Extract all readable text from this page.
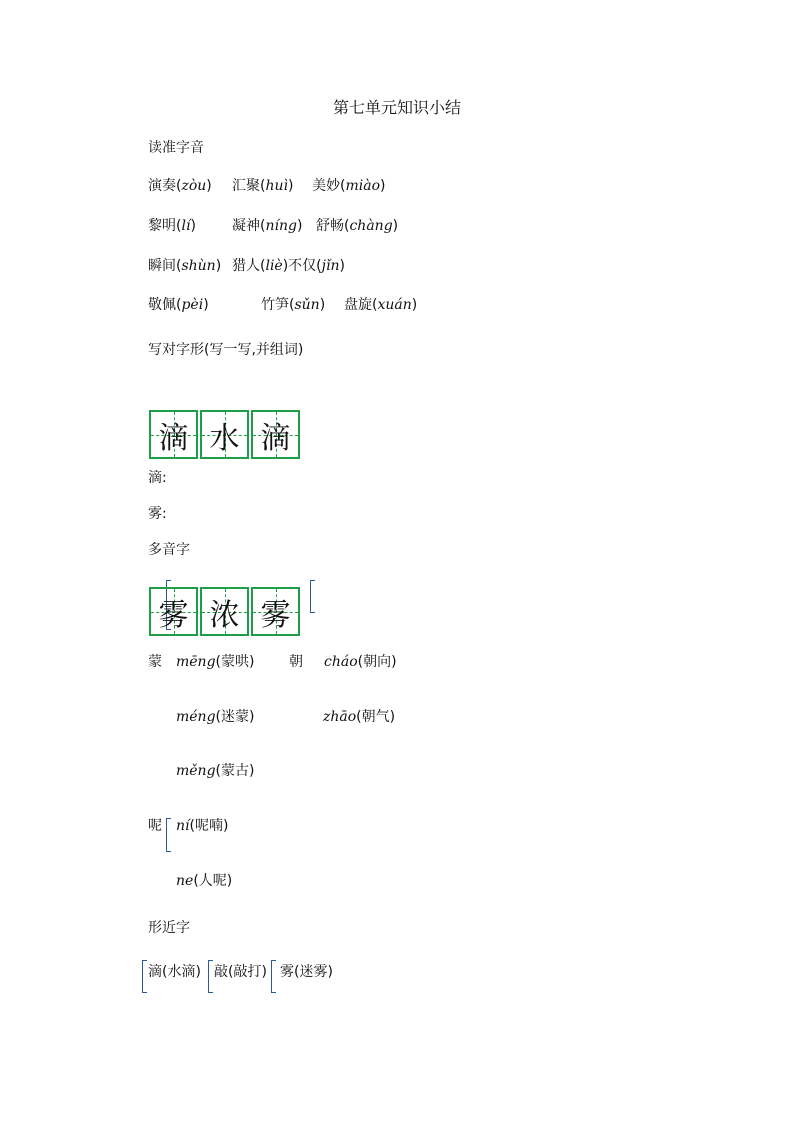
第七单元知识小结
读准字音
演奏(zòu) 汇聚(huì) 美妙(miào)
黎明(lí)	凝神(níng) 舒畅(chàng)
瞬间(shùn) 猎人(liè)不仅(jǐn)
敬佩(pèi)	竹笋(sǔn) 盘旋(xuán)
写对字形(写一写,并组词)
滴 水 滴
滴:
雾:
多音字
雾 浓 雾
蒙 mēng(蒙哄) 朝 cháo(朝向)
méng(迷蒙)	zhāo(朝气)
měng(蒙古)
呢 ní(呢喃)
ne(人呢)
形近字
滴(水滴) 敲(敲打) 雾(迷雾)
